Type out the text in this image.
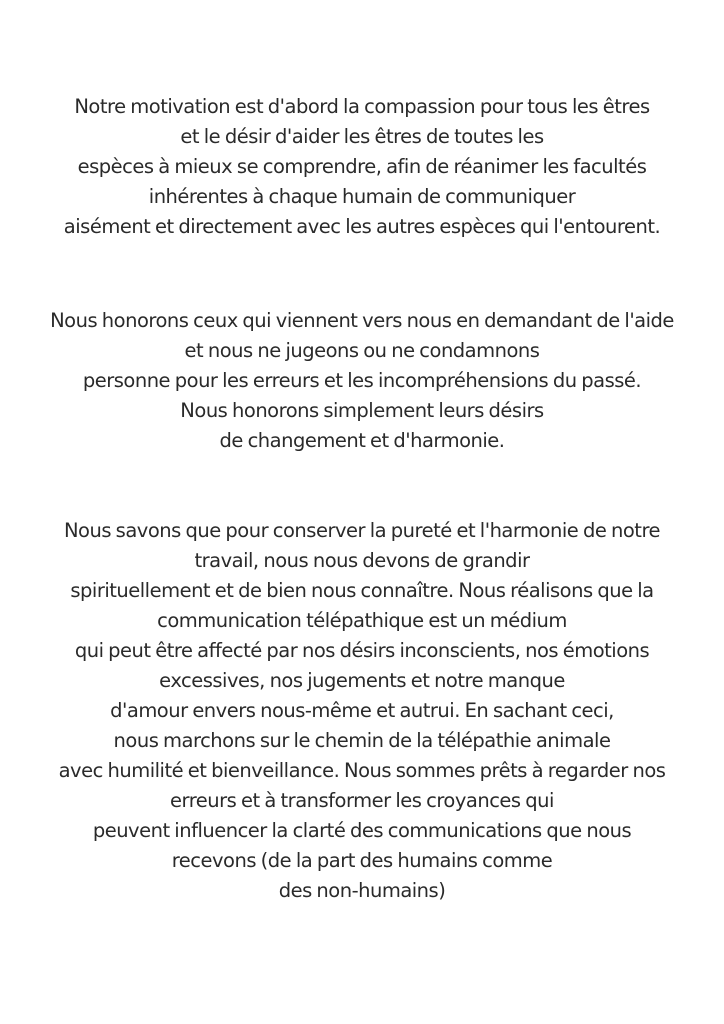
Notre motivation est d'abord la compassion pour tous les êtres
et le désir d'aider les êtres de toutes les
espèces à mieux se comprendre, afin de réanimer les facultés
inhérentes à chaque humain de communiquer
aisément et directement avec les autres espèces qui l'entourent.
Nous honorons ceux qui viennent vers nous en demandant de l'aide
et nous ne jugeons ou ne condamnons
personne pour les erreurs et les incompréhensions du passé.
Nous honorons simplement leurs désirs
de changement et d'harmonie.
Nous savons que pour conserver la pureté et l'harmonie de notre
travail, nous nous devons de grandir
spirituellement et de bien nous connaître. Nous réalisons que la
communication télépathique est un médium
qui peut être affecté par nos désirs inconscients, nos émotions
excessives, nos jugements et notre manque
d'amour envers nous-même et autrui. En sachant ceci,
nous marchons sur le chemin de la télépathie animale
avec humilité et bienveillance. Nous sommes prêts à regarder nos
erreurs et à transformer les croyances qui
peuvent influencer la clarté des communications que nous
recevons (de la part des humains comme
des non-humains)
